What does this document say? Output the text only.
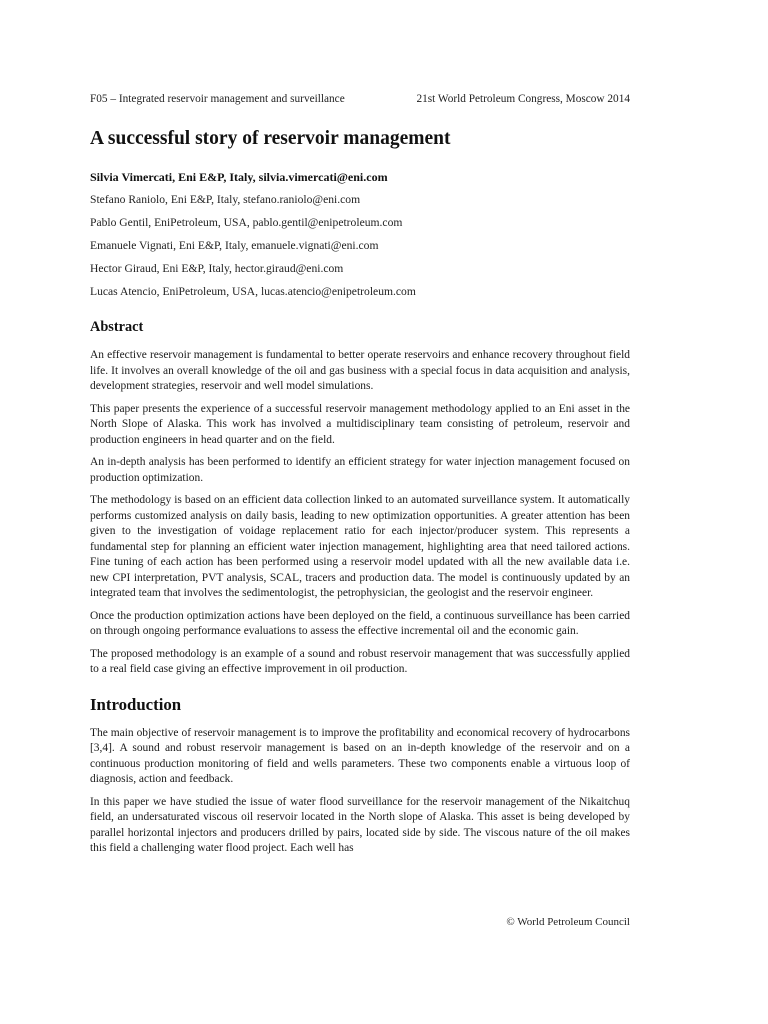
F05 – Integrated reservoir management and surveillance	21st World Petroleum Congress, Moscow 2014
A successful story of reservoir management
Silvia Vimercati, Eni E&P, Italy, silvia.vimercati@eni.com
Stefano Raniolo, Eni E&P, Italy, stefano.raniolo@eni.com
Pablo Gentil, EniPetroleum, USA, pablo.gentil@enipetroleum.com
Emanuele Vignati, Eni E&P, Italy, emanuele.vignati@eni.com
Hector Giraud, Eni E&P, Italy, hector.giraud@eni.com
Lucas Atencio, EniPetroleum, USA, lucas.atencio@enipetroleum.com
Abstract

An effective reservoir management is fundamental to better operate reservoirs and enhance recovery throughout field life. It involves an overall knowledge of the oil and gas business with a special focus in data acquisition and analysis, development strategies, reservoir and well model simulations.

This paper presents the experience of a successful reservoir management methodology applied to an Eni asset in the North Slope of Alaska. This work has involved a multidisciplinary team consisting of petroleum, reservoir and production engineers in head quarter and on the field.

An in-depth analysis has been performed to identify an efficient strategy for water injection management focused on production optimization.

The methodology is based on an efficient data collection linked to an automated surveillance system. It automatically performs customized analysis on daily basis, leading to new optimization opportunities. A greater attention has been given to the investigation of voidage replacement ratio for each injector/producer system. This represents a fundamental step for planning an efficient water injection management, highlighting area that need tailored actions. Fine tuning of each action has been performed using a reservoir model updated with all the new available data i.e. new CPI interpretation, PVT analysis, SCAL, tracers and production data. The model is continuously updated by an integrated team that involves the sedimentologist, the petrophysician, the geologist and the reservoir engineer.

Once the production optimization actions have been deployed on the field, a continuous surveillance has been carried on through ongoing performance evaluations to assess the effective incremental oil and the economic gain.

The proposed methodology is an example of a sound and robust reservoir management that was successfully applied to a real field case giving an effective improvement in oil production.

Introduction

The main objective of reservoir management is to improve the profitability and economical recovery of hydrocarbons [3,4]. A sound and robust reservoir management is based on an in-depth knowledge of the reservoir and on a continuous production monitoring of field and wells parameters. These two components enable a virtuous loop of diagnosis, action and feedback.

In this paper we have studied the issue of water flood surveillance for the reservoir management of the Nikaitchuq field, an undersaturated viscous oil reservoir located in the North slope of Alaska. This asset is being developed by parallel horizontal injectors and producers drilled by pairs, located side by side. The viscous nature of the oil makes this field a challenging water flood project. Each well has

© World Petroleum Council
